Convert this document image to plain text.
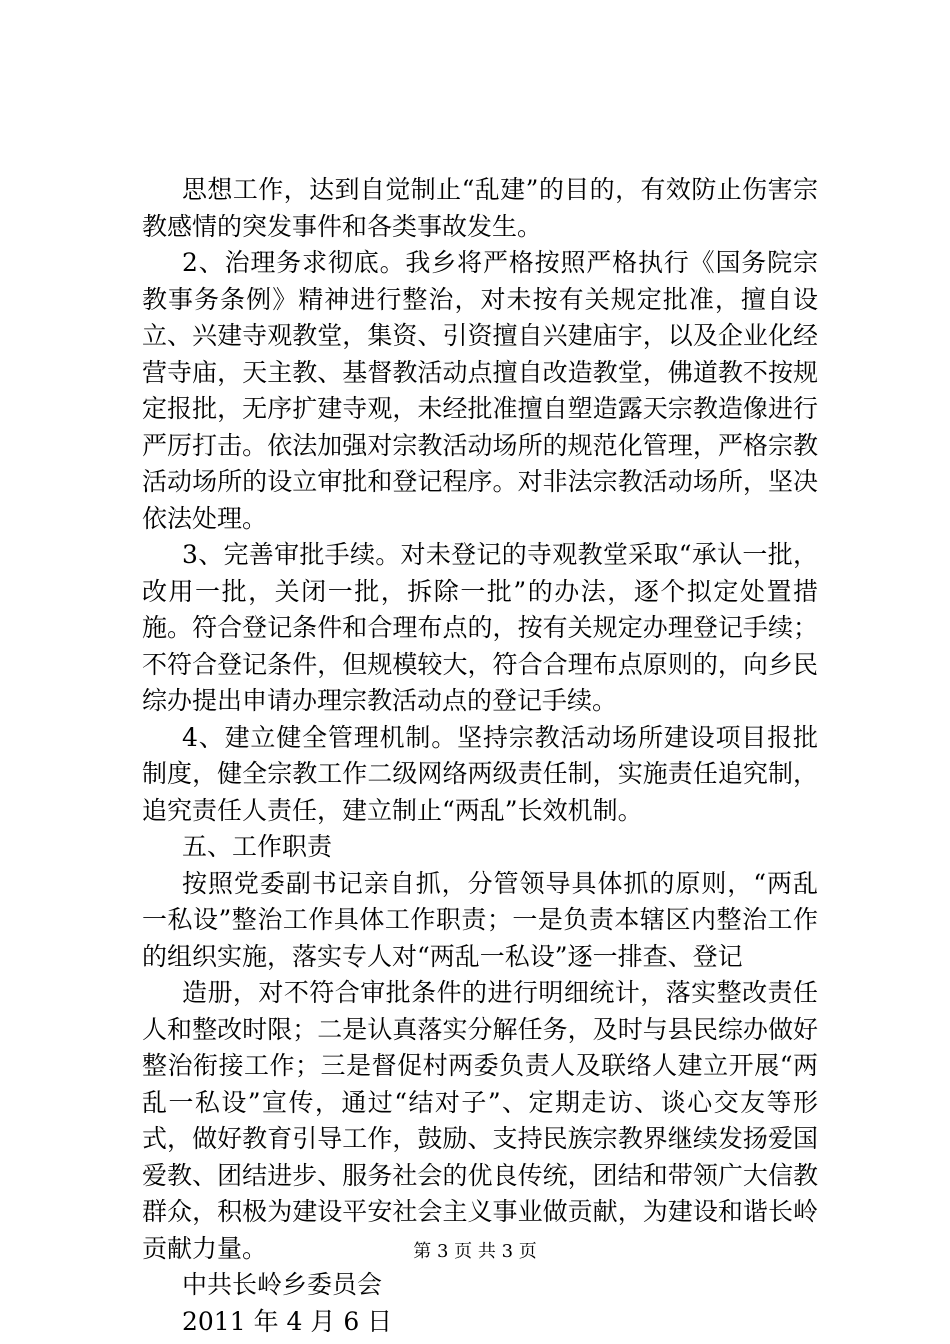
思想工作，达到自觉制止“乱建”的目的，有效防止伤害宗教感情的突发事件和各类事故发生。

2、治理务求彻底。我乡将严格按照严格执行《国务院宗教事务条例》精神进行整治，对未按有关规定批准，擅自设立、兴建寺观教堂，集资、引资擅自兴建庙宇，以及企业化经营寺庙，天主教、基督教活动点擅自改造教堂，佛道教不按规定报批，无序扩建寺观，未经批准擅自塑造露天宗教造像进行严厉打击。依法加强对宗教活动场所的规范化管理，严格宗教活动场所的设立审批和登记程序。对非法宗教活动场所，坚决依法处理。

3、完善审批手续。对未登记的寺观教堂采取“承认一批，改用一批，关闭一批，拆除一批”的办法，逐个拟定处置措施。符合登记条件和合理布点的，按有关规定办理登记手续；不符合登记条件，但规模较大，符合合理布点原则的，向乡民综办提出申请办理宗教活动点的登记手续。

4、建立健全管理机制。坚持宗教活动场所建设项目报批制度，健全宗教工作二级网络两级责任制，实施责任追究制，追究责任人责任，建立制止“两乱”长效机制。

五、工作职责

按照党委副书记亲自抓，分管领导具体抓的原则，“两乱一私设”整治工作具体工作职责；一是负责本辖区内整治工作的组织实施，落实专人对“两乱一私设”逐一排查、登记

造册，对不符合审批条件的进行明细统计，落实整改责任人和整改时限；二是认真落实分解任务，及时与县民综办做好整治衔接工作；三是督促村两委负责人及联络人建立开展“两乱一私设”宣传，通过“结对子”、定期走访、谈心交友等形式，做好教育引导工作，鼓励、支持民族宗教界继续发扬爱国爱教、团结进步、服务社会的优良传统，团结和带领广大信教群众，积极为建设平安社会主义事业做贡献，为建设和谐长岭贡献力量。

中共长岭乡委员会

2011 年 4 月 6 日

第 3 页 共 3 页
